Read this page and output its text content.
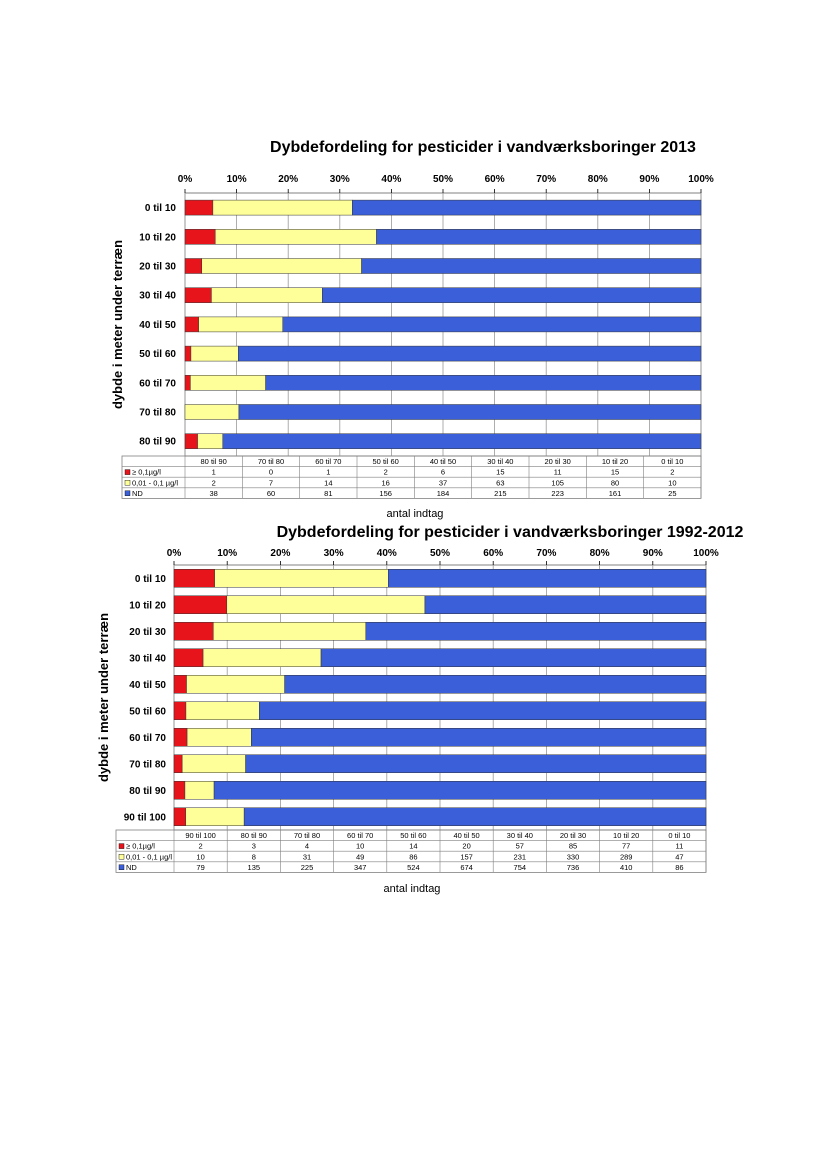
Dybdefordeling for pesticider i vandværksboringer 2013
0%	10%	20%	30%	40%	50%	60%	70%	80%	90%	100%
dybde i meter under terræn
0 til 10
10 til 20
20 til 30
30 til 40
40 til 50
50 til 60
60 til 70
70 til 80
80 til 90
80 til 90	70 til 80	60 til 70	50 til 60	40 til 50	30 til 40	20 til 30	10 til 20	0 til 10
≥ 0,1µg/l	1	0	1	2	6	15	11	15	2
0,01 - 0,1 µg/l	2	7	14	16	37	63	105	80	10
ND	38	60	81	156	184	215	223	161	25
antal indtag
Dybdefordeling for pesticider i vandværksboringer 1992-2012
0%	10%	20%	30%	40%	50%	60%	70%	80%	90%	100%
dybde i meter under terræn
0 til 10
10 til 20
20 til 30
30 til 40
40 til 50
50 til 60
60 til 70
70 til 80
80 til 90
90 til 100
90 til 100	80 til 90	70 til 80	60 til 70	50 til 60	40 til 50	30 til 40	20 til 30	10 til 20	0 til 10
≥ 0,1µg/l	2	3	4	10	14	20	57	85	77	11
0,01 - 0,1 µg/l	10	8	31	49	86	157	231	330	289	47
ND	79	135	225	347	524	674	754	736	410	86
antal indtag
